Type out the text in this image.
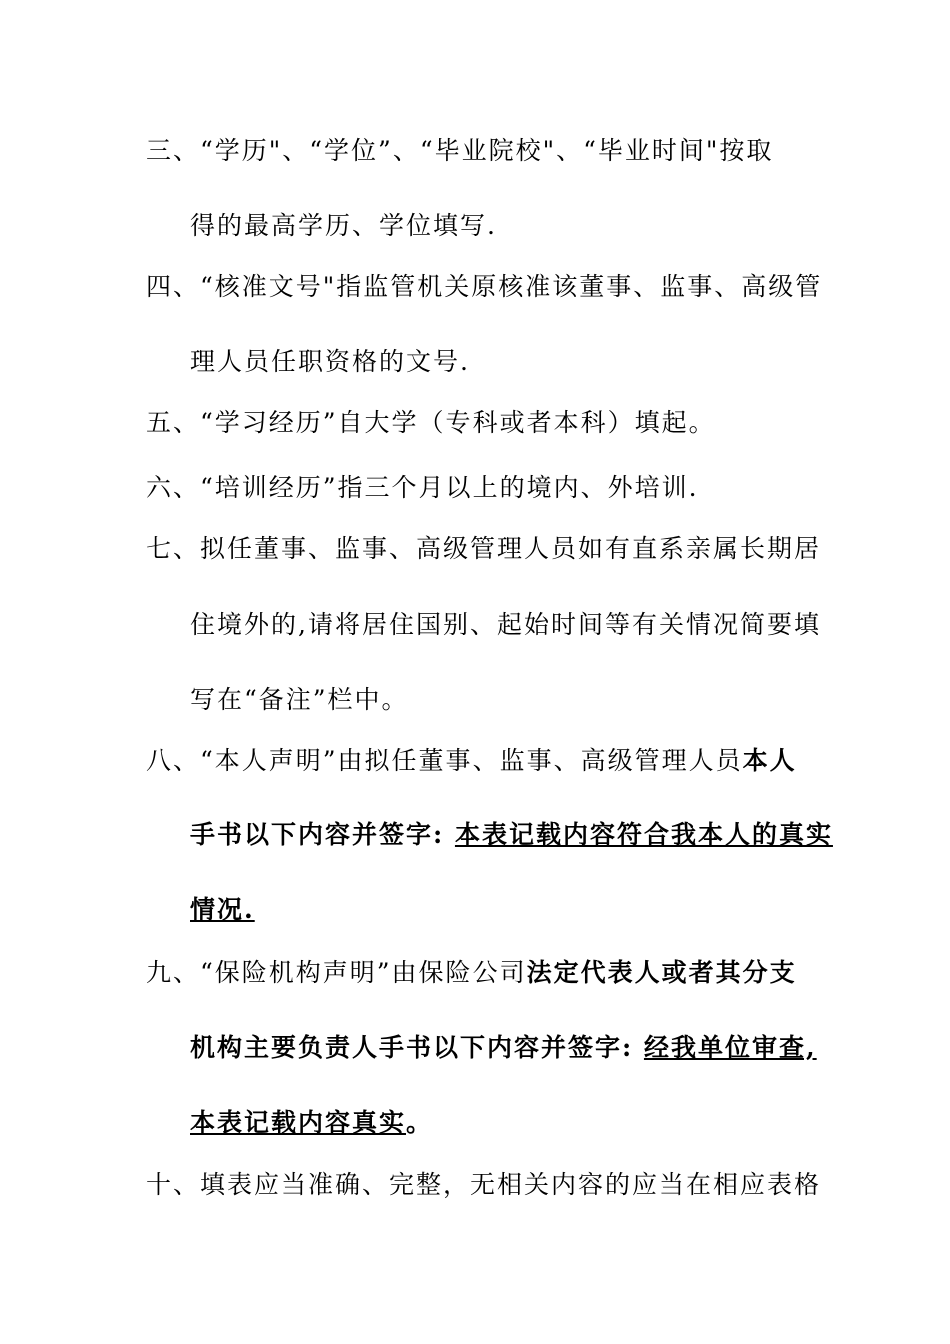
三、“学历"、“学位”、“毕业院校"、“毕业时间"按取
得的最高学历、学位填写.
四、“核准文号"指监管机关原核准该董事、监事、高级管
理人员任职资格的文号.
五、“学习经历”自大学（专科或者本科）填起。
六、“培训经历”指三个月以上的境内、外培训.
七、拟任董事、监事、高级管理人员如有直系亲属长期居
住境外的,请将居住国别、起始时间等有关情况简要填
写在“备注”栏中。
八、“本人声明”由拟任董事、监事、高级管理人员本人
手书以下内容并签字: 本表记载内容符合我本人的真实
情况.
九、“保险机构声明”由保险公司法定代表人或者其分支
机构主要负责人手书以下内容并签字: 经我单位审查,
本表记载内容真实。
十、填表应当准确、完整，无相关内容的应当在相应表格
